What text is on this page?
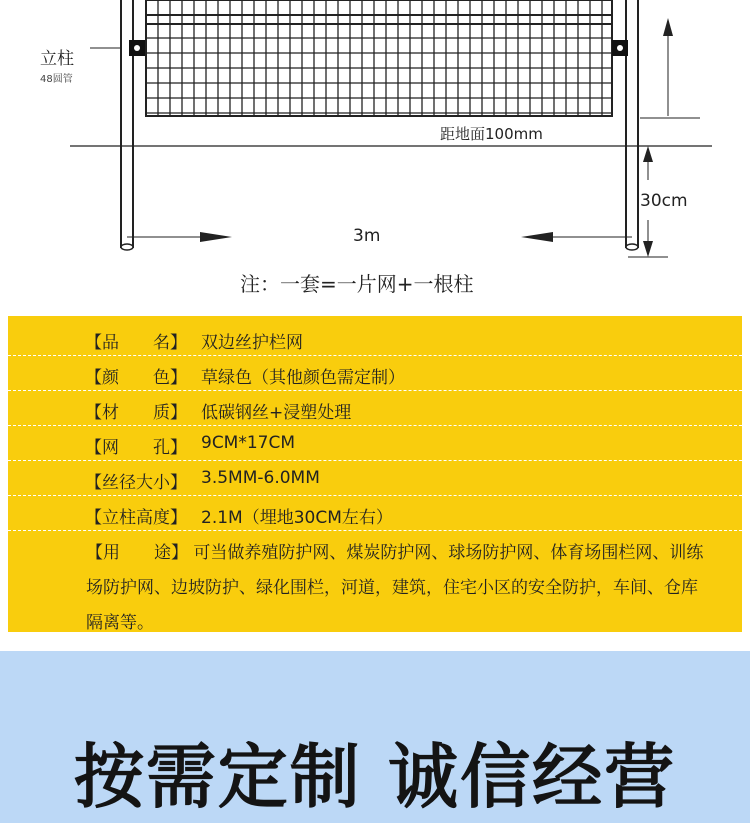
立柱
48圆管
距地面100mm
30cm
3m
注：一套=一片网+一根柱
【品　　名】 双边丝护栏网
【颜　　色】 草绿色（其他颜色需定制）
【材　　质】 低碳钢丝+浸塑处理
【网　　孔】 9CM*17CM
【丝径大小】 3.5MM-6.0MM
【立柱高度】 2.1M（埋地30CM左右）
【用　　途】 可当做养殖防护网、煤炭防护网、球场防护网、体育场围栏网、训练场防护网、边坡防护、绿化围栏，河道，建筑，住宅小区的安全防护，车间、仓库隔离等。
按需定制 诚信经营
